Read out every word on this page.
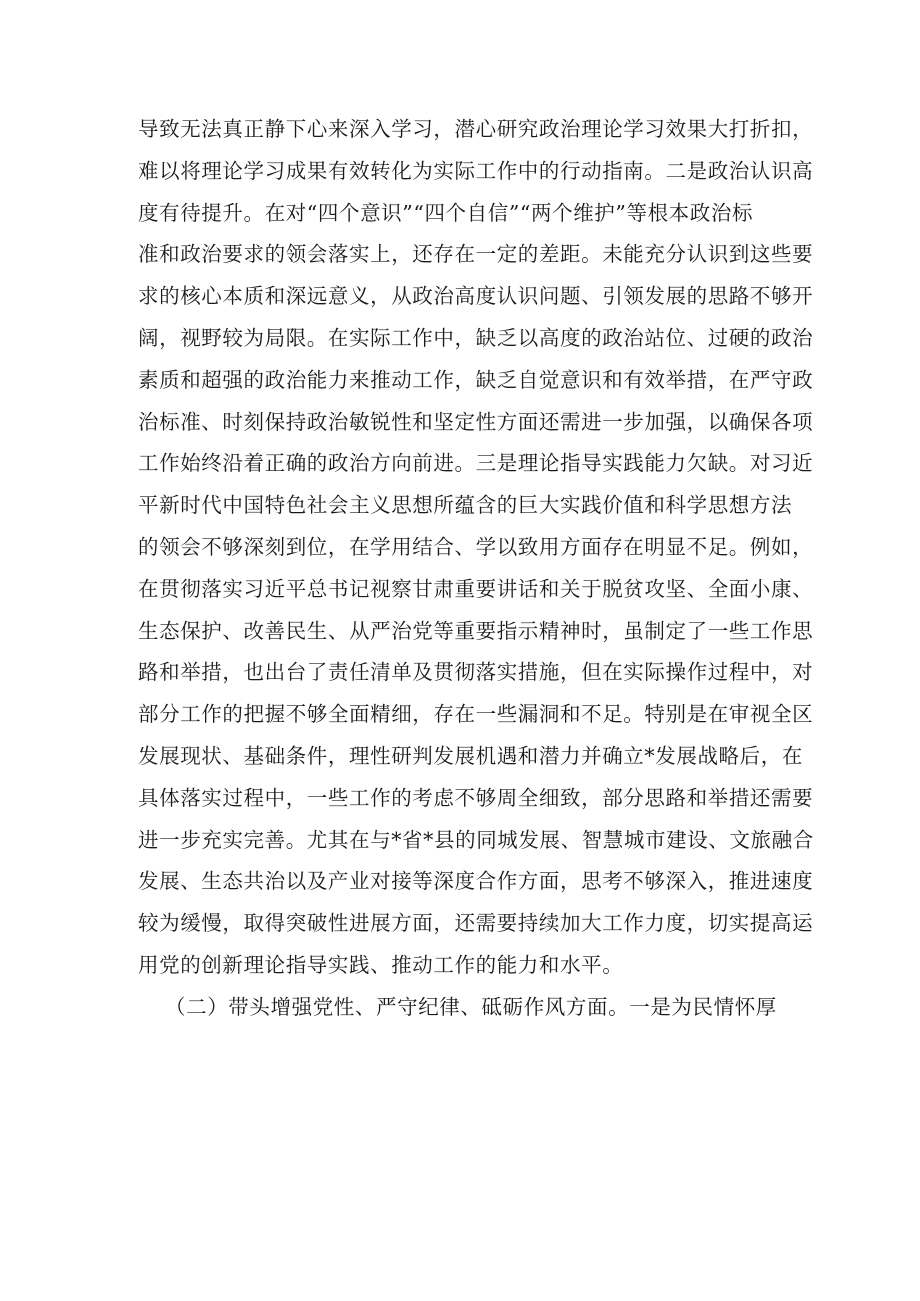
导致无法真正静下心来深入学习，潜心研究政治理论学习效果大打折扣，
难以将理论学习成果有效转化为实际工作中的行动指南。二是政治认识高
度有待提升。在对“四个意识”“四个自信”“两个维护”等根本政治标
准和政治要求的领会落实上，还存在一定的差距。未能充分认识到这些要
求的核心本质和深远意义，从政治高度认识问题、引领发展的思路不够开
阔，视野较为局限。在实际工作中，缺乏以高度的政治站位、过硬的政治
素质和超强的政治能力来推动工作，缺乏自觉意识和有效举措，在严守政
治标准、时刻保持政治敏锐性和坚定性方面还需进一步加强，以确保各项
工作始终沿着正确的政治方向前进。三是理论指导实践能力欠缺。对习近
平新时代中国特色社会主义思想所蕴含的巨大实践价值和科学思想方法
的领会不够深刻到位，在学用结合、学以致用方面存在明显不足。例如，
在贯彻落实习近平总书记视察甘肃重要讲话和关于脱贫攻坚、全面小康、
生态保护、改善民生、从严治党等重要指示精神时，虽制定了一些工作思
路和举措，也出台了责任清单及贯彻落实措施，但在实际操作过程中，对
部分工作的把握不够全面精细，存在一些漏洞和不足。特别是在审视全区
发展现状、基础条件，理性研判发展机遇和潜力并确立*发展战略后，在
具体落实过程中，一些工作的考虑不够周全细致，部分思路和举措还需要
进一步充实完善。尤其在与*省*县的同城发展、智慧城市建设、文旅融合
发展、生态共治以及产业对接等深度合作方面，思考不够深入，推进速度
较为缓慢，取得突破性进展方面，还需要持续加大工作力度，切实提高运
用党的创新理论指导实践、推动工作的能力和水平。
（二）带头增强党性、严守纪律、砥砺作风方面。一是为民情怀厚
